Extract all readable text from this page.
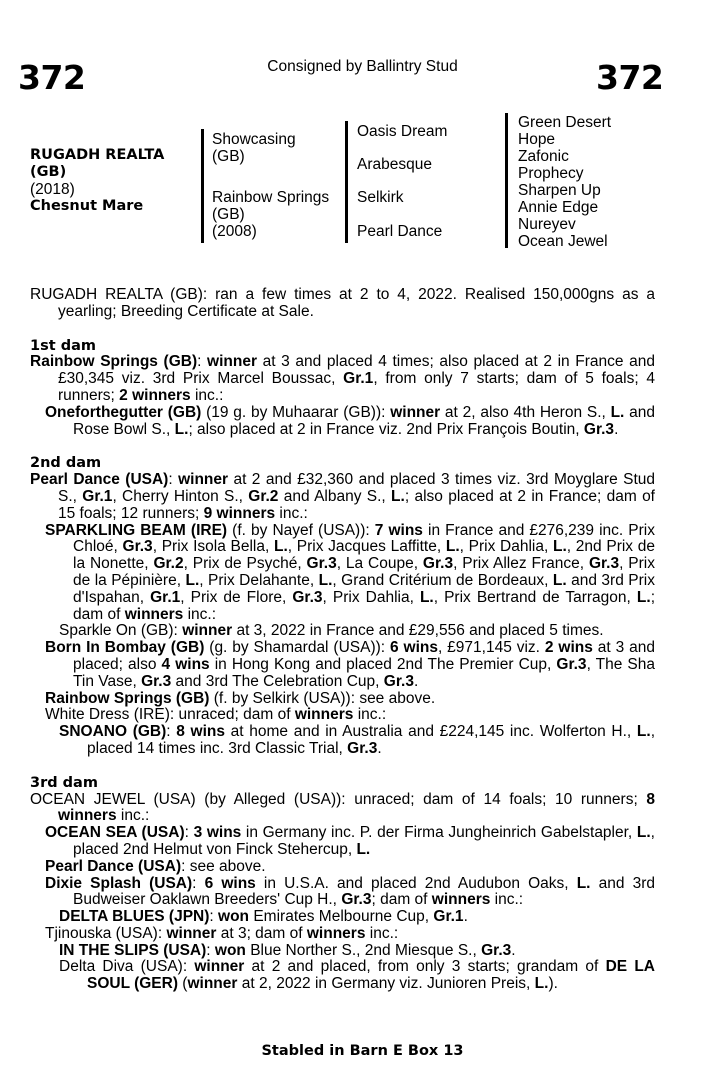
372	Consigned by Ballintry Stud	372
RUGADH REALTA
(GB)
(2018)
Chesnut Mare
Showcasing
(GB)
Rainbow Springs
(GB)
(2008)
Oasis Dream
Arabesque
Selkirk
Pearl Dance
Green Desert
Hope
Zafonic
Prophecy
Sharpen Up
Annie Edge
Nureyev
Ocean Jewel

RUGADH REALTA (GB): ran a few times at 2 to 4, 2022. Realised 150,000gns as a yearling; Breeding Certificate at Sale.

1st dam

Rainbow Springs (GB): winner at 3 and placed 4 times; also placed at 2 in France and £30,345 viz. 3rd Prix Marcel Boussac, Gr.1, from only 7 starts; dam of 5 foals; 4 runners; 2 winners inc.:

Oneforthegutter (GB) (19 g. by Muhaarar (GB)): winner at 2, also 4th Heron S., L. and Rose Bowl S., L.; also placed at 2 in France viz. 2nd Prix François Boutin, Gr.3.

2nd dam

Pearl Dance (USA): winner at 2 and £32,360 and placed 3 times viz. 3rd Moyglare Stud S., Gr.1, Cherry Hinton S., Gr.2 and Albany S., L.; also placed at 2 in France; dam of 15 foals; 12 runners; 9 winners inc.:

SPARKLING BEAM (IRE) (f. by Nayef (USA)): 7 wins in France and £276,239 inc. Prix Chloé, Gr.3, Prix Isola Bella, L., Prix Jacques Laffitte, L., Prix Dahlia, L., 2nd Prix de la Nonette, Gr.2, Prix de Psyché, Gr.3, La Coupe, Gr.3, Prix Allez France, Gr.3, Prix de la Pépinière, L., Prix Delahante, L., Grand Critérium de Bordeaux, L. and 3rd Prix d'Ispahan, Gr.1, Prix de Flore, Gr.3, Prix Dahlia, L., Prix Bertrand de Tarragon, L.; dam of winners inc.:

Sparkle On (GB): winner at 3, 2022 in France and £29,556 and placed 5 times.

Born In Bombay (GB) (g. by Shamardal (USA)): 6 wins, £971,145 viz. 2 wins at 3 and placed; also 4 wins in Hong Kong and placed 2nd The Premier Cup, Gr.3, The Sha Tin Vase, Gr.3 and 3rd The Celebration Cup, Gr.3.

Rainbow Springs (GB) (f. by Selkirk (USA)): see above.

White Dress (IRE): unraced; dam of winners inc.:

SNOANO (GB): 8 wins at home and in Australia and £224,145 inc. Wolferton H., L., placed 14 times inc. 3rd Classic Trial, Gr.3.

3rd dam

OCEAN JEWEL (USA) (by Alleged (USA)): unraced; dam of 14 foals; 10 runners; 8 winners inc.:

OCEAN SEA (USA): 3 wins in Germany inc. P. der Firma Jungheinrich Gabelstapler, L., placed 2nd Helmut von Finck Stehercup, L.

Pearl Dance (USA): see above.

Dixie Splash (USA): 6 wins in U.S.A. and placed 2nd Audubon Oaks, L. and 3rd Budweiser Oaklawn Breeders' Cup H., Gr.3; dam of winners inc.:

DELTA BLUES (JPN): won Emirates Melbourne Cup, Gr.1.

Tjinouska (USA): winner at 3; dam of winners inc.:

IN THE SLIPS (USA): won Blue Norther S., 2nd Miesque S., Gr.3.

Delta Diva (USA): winner at 2 and placed, from only 3 starts; grandam of DE LA SOUL (GER) (winner at 2, 2022 in Germany viz. Junioren Preis, L.).

Stabled in Barn E Box 13
